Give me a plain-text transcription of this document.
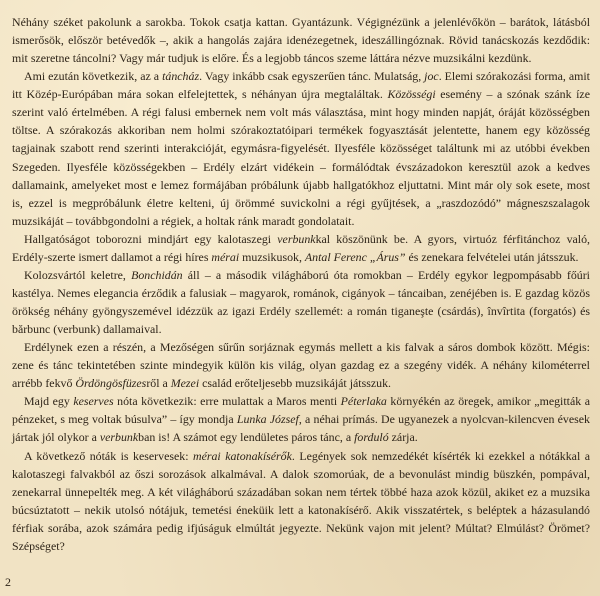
Néhány széket pakolunk a sarokba. Tokok csatja kattan. Gyantázunk. Végignézünk a jelenlévőkön – barátok, látásból ismerősök, először betévedők –, akik a hangolás zajára idenézegetnek, ideszállingóznak. Rövid tanácskozás kezdődik: mit szeretne táncolni? Vagy már tudjuk is előre. És a legjobb táncos szeme láttára nézve muzsikálni kezdünk.

Ami ezután következik, az a táncház. Vagy inkább csak egyszerűen tánc. Mulatság, joc. Elemi szórakozási forma, amit itt Közép-Európában mára sokan elfelejtettek, s néhányan újra megtaláltak. Közösségi esemény – a szónak szánk íze szerint való értelmében. A régi falusi embernek nem volt más választása, mint hogy minden napját, óráját közösségben töltse. A szórakozás akkoriban nem holmi szórakoztatóipari termékek fogyasztását jelentette, hanem egy közösség tagjainak szabott rend szerinti interakcióját, egymásra-figyelését. Ilyesféle közösséget találtunk mi az utóbbi években Szegeden. Ilyesféle közösségekben – Erdély elzárt vidékein – formálódtak évszázadokon keresztül azok a kedves dallamaink, amelyeket most e lemez formájában próbálunk újabb hallgatókhoz eljuttatni. Mint már oly sok esete, most is, ezzel is megpróbálunk életre kelteni, új örömmé suvickolni a régi gyűjtések, a „raszdozódó” mágneszszalagok muzsikáját – továbbgondolni a régiek, a holtak ránk maradt gondolatait.

Hallgatóságot toborozni mindjárt egy kalotaszegi verbunkkal köszönünk be. A gyors, virtuóz férfitánchoz való, Erdély-szerte ismert dallamot a régi híres mérai muzsikusok, Antal Ferenc „Árus” és zenekara felvételei után játsszuk.

Kolozsvártól keletre, Bonchidán áll – a második világháború óta romokban – Erdély egykor legpompásabb főúri kastélya. Nemes elegancia érződik a falusiak – magyarok, románok, cigányok – táncaiban, zenéjében is. E gazdag közös örökség néhány gyöngyszemével idézzük az igazi Erdély szellemét: a román tiganeşte (csárdás), învîrtita (forgatós) és bărbunc (verbunk) dallamaival.

Erdélynek ezen a részén, a Mezőségen sűrűn sorjáznak egymás mellett a kis falvak a sáros dombok között. Mégis: zene és tánc tekintetében szinte mindegyik külön kis világ, olyan gazdag ez a szegény vidék. A néhány kilométerrel arrébb fekvő Ördöngösfüzesről a Mezei család erőteljesebb muzsikáját játsszuk.

Majd egy keserves nóta következik: erre mulattak a Maros menti Péterlaka környékén az öregek, amikor „megitták a pénzeket, s meg voltak búsulva” – így mondja Lunka József, a néhai prímás. De ugyanezek a nyolcvan-kilencven évesek jártak jól olykor a verbunkban is! A számot egy lendületes páros tánc, a forduló zárja.

A következő nóták is keservesek: mérai katonakísérők. Legények sok nemzedékét kísérték ki ezekkel a nótákkal a kalotaszegi falvakból az őszi sorozások alkalmával. A dalok szomorúak, de a bevonulást mindig büszkén, pompával, zenekarral ünnepelték meg. A két világháború századában sokan nem tértek többé haza azok közül, akiket ez a muzsika búcsúztatott – nekik utolsó nótájuk, temetési éneküik lett a katonakísérő. Akik visszatértek, s beléptek a házasulandó férfiak sorába, azok számára pedig ifjúságuk elmúltát jegyezte. Nekünk vajon mit jelent? Múltat? Elmúlást? Örömet? Szépséget?

2
